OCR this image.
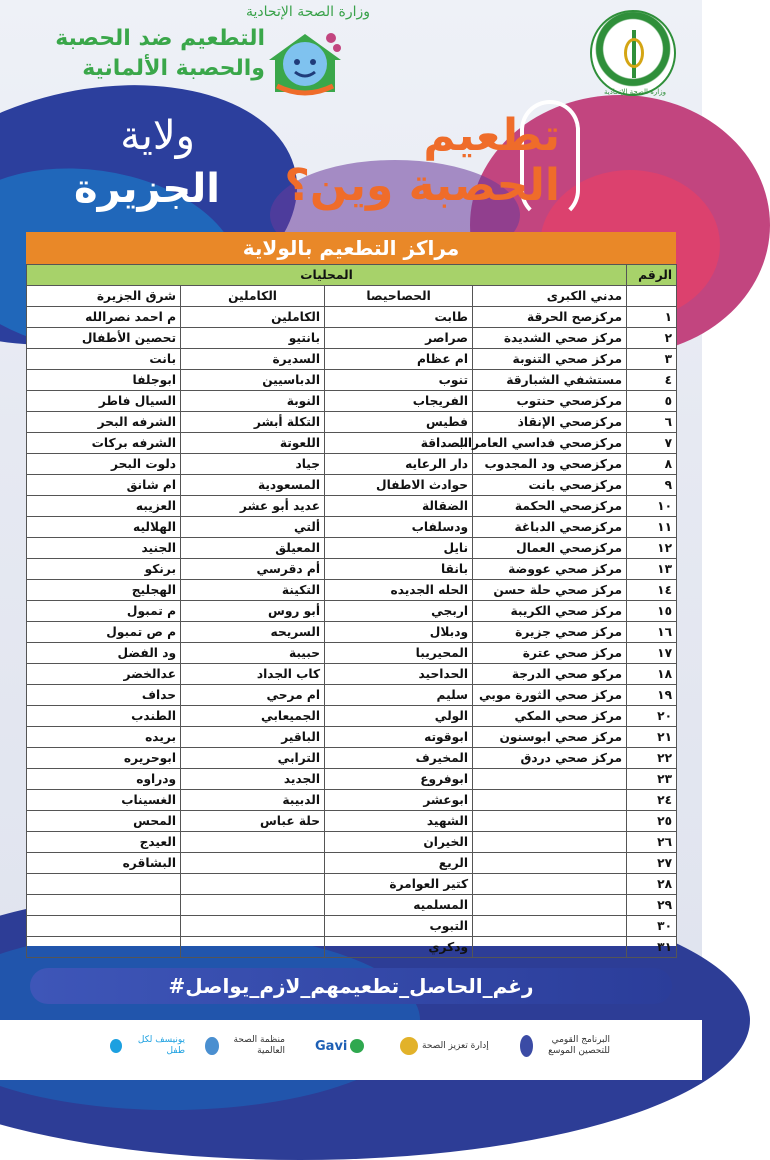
وزارة الصحة الإتحادية
وزارة الصحة الإتحادية
التطعيم ضد الحصبة
والحصبة الألمانية
تطعيم
الحصبة وين؟
ولاية
الجزيرة
مراكز التطعيم بالولاية
الرقم	المحليات			
	مدني الكبرى	الحصاحيصا	الكاملين	شرق الجزيرة
١	مركزصح الحرقة	طابت	الكاملين	م احمد نصرالله
٢	مركز صحي الشديدة	صراصر	بانتيو	تحصين الأطفال
٣	مركز صحي التنوبة	ام عظام	السديرة	بانت
٤	مستشفي الشبارقة	تنوب	الدباسيين	ابوجلفا
٥	مركزصحي حنتوب	الفريجاب	النوبة	السيال فاطر
٦	مركزصحي الإنقاذ	فطيس	التكلة أبشر	الشرفه البحر
٧	مركزصحي فداسي العامراب	الصداقة	اللعوتة	الشرفه بركات
٨	مركزصحي ود المجدوب	دار الرعايه	جياد	دلوت البحر
٩	مركزصحي بانت	حوادث الاطفال	المسعودية	ام شانق
١٠	مركزصحي الحكمة	الضقالة	عديد أبو عشر	العزيبه
١١	مركزصحي الدباغة	ودسلفاب	ألتي	الهلاليه
١٢	مركزصحي العمال	نايل	المعيلق	الجنيد
١٣	مركز صحي عووضة	بانقا	أم دقرسي	برنكو
١٤	مركز صحي حلة حسن	الحله الجديده	التكينة	الهجليج
١٥	مركز صحي الكريبة	اربجي	أبو روس	م تمبول
١٦	مركز صحي جزيرة	ودبلال	السريحه	م ص تمبول
١٧	مركز صحي عترة	المحيريبا	حبيبة	ود الفضل
١٨	مركو صحي الدرجة	الحداحيد	كاب الجداد	عدالخضر
١٩	مركز صحي الثورة موبي	سليم	ام مرحي	حداف
٢٠	مركز صحي المكي	الولي	الجميعابي	الطندب
٢١	مركز صحي ابوسنون	ابوقوته	الباقير	بريده
٢٢	مركز صحي دردق	المخيرف	الترابي	ابوحريره
٢٣		ابوفروع	الجديد	ودراوه
٢٤		ابوعشر	الدبيبة	الغسيناب
٢٥		الشهيد	حلة عباس	المحس
٢٦		الخيران		العيدج
٢٧		الريع		البشاقره
٢٨		كتير العوامرة		
٢٩		المسلميه		
٣٠		التبوب		
٣١		ودكري		
#رغم_الحاصل_تطعيمهم_لازم_يواصل
البرنامج القومي للتحصين الموسع
إدارة تعزيز الصحة
Gavi
منظمة الصحة العالمية
يونيسف لكل طفل
